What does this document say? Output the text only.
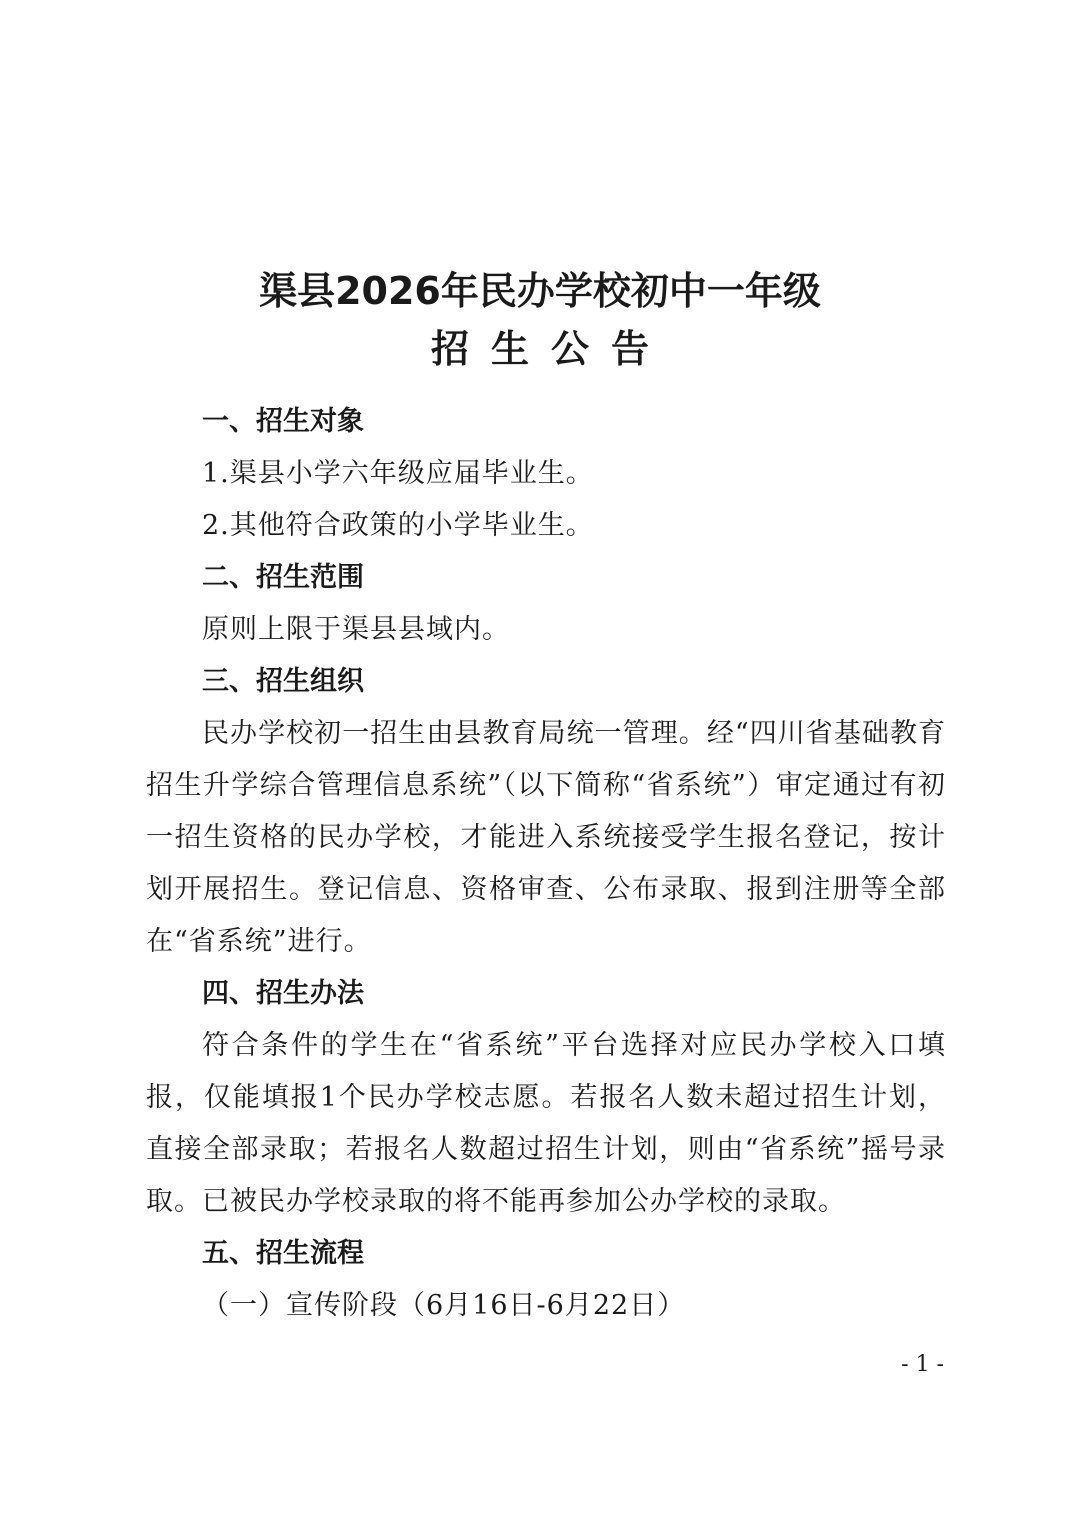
渠县2026年民办学校初中一年级
招生公告

一、招生对象

1.渠县小学六年级应届毕业生。

2.其他符合政策的小学毕业生。

二、招生范围

原则上限于渠县县域内。

三、招生组织

民办学校初一招生由县教育局统一管理。经“四川省基础教育招生升学综合管理信息系统”（以下简称“省系统”）审定通过有初一招生资格的民办学校，才能进入系统接受学生报名登记，按计划开展招生。登记信息、资格审查、公布录取、报到注册等全部在“省系统”进行。

四、招生办法

符合条件的学生在“省系统”平台选择对应民办学校入口填报，仅能填报1个民办学校志愿。若报名人数未超过招生计划，直接全部录取；若报名人数超过招生计划，则由“省系统”摇号录取。已被民办学校录取的将不能再参加公办学校的录取。

五、招生流程

（一）宣传阶段（6月16日-6月22日）

- 1 -
